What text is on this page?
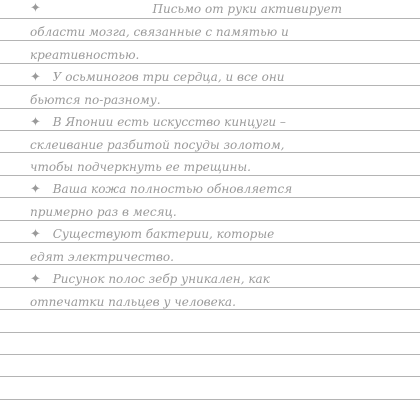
✦	Письмо от руки активирует
области мозга, связанные с памятью и
креативностью.
✦ У осьминогов три сердца, и все они
бьются по-разному.
✦ В Японии есть искусство кинцуги –
склеивание разбитой посуды золотом,
чтобы подчеркнуть ее трещины.
✦ Ваша кожа полностью обновляется
примерно раз в месяц.
✦ Существуют бактерии, которые
едят электричество.
✦ Рисунок полос зебр уникален, как
отпечатки пальцев у человека.
